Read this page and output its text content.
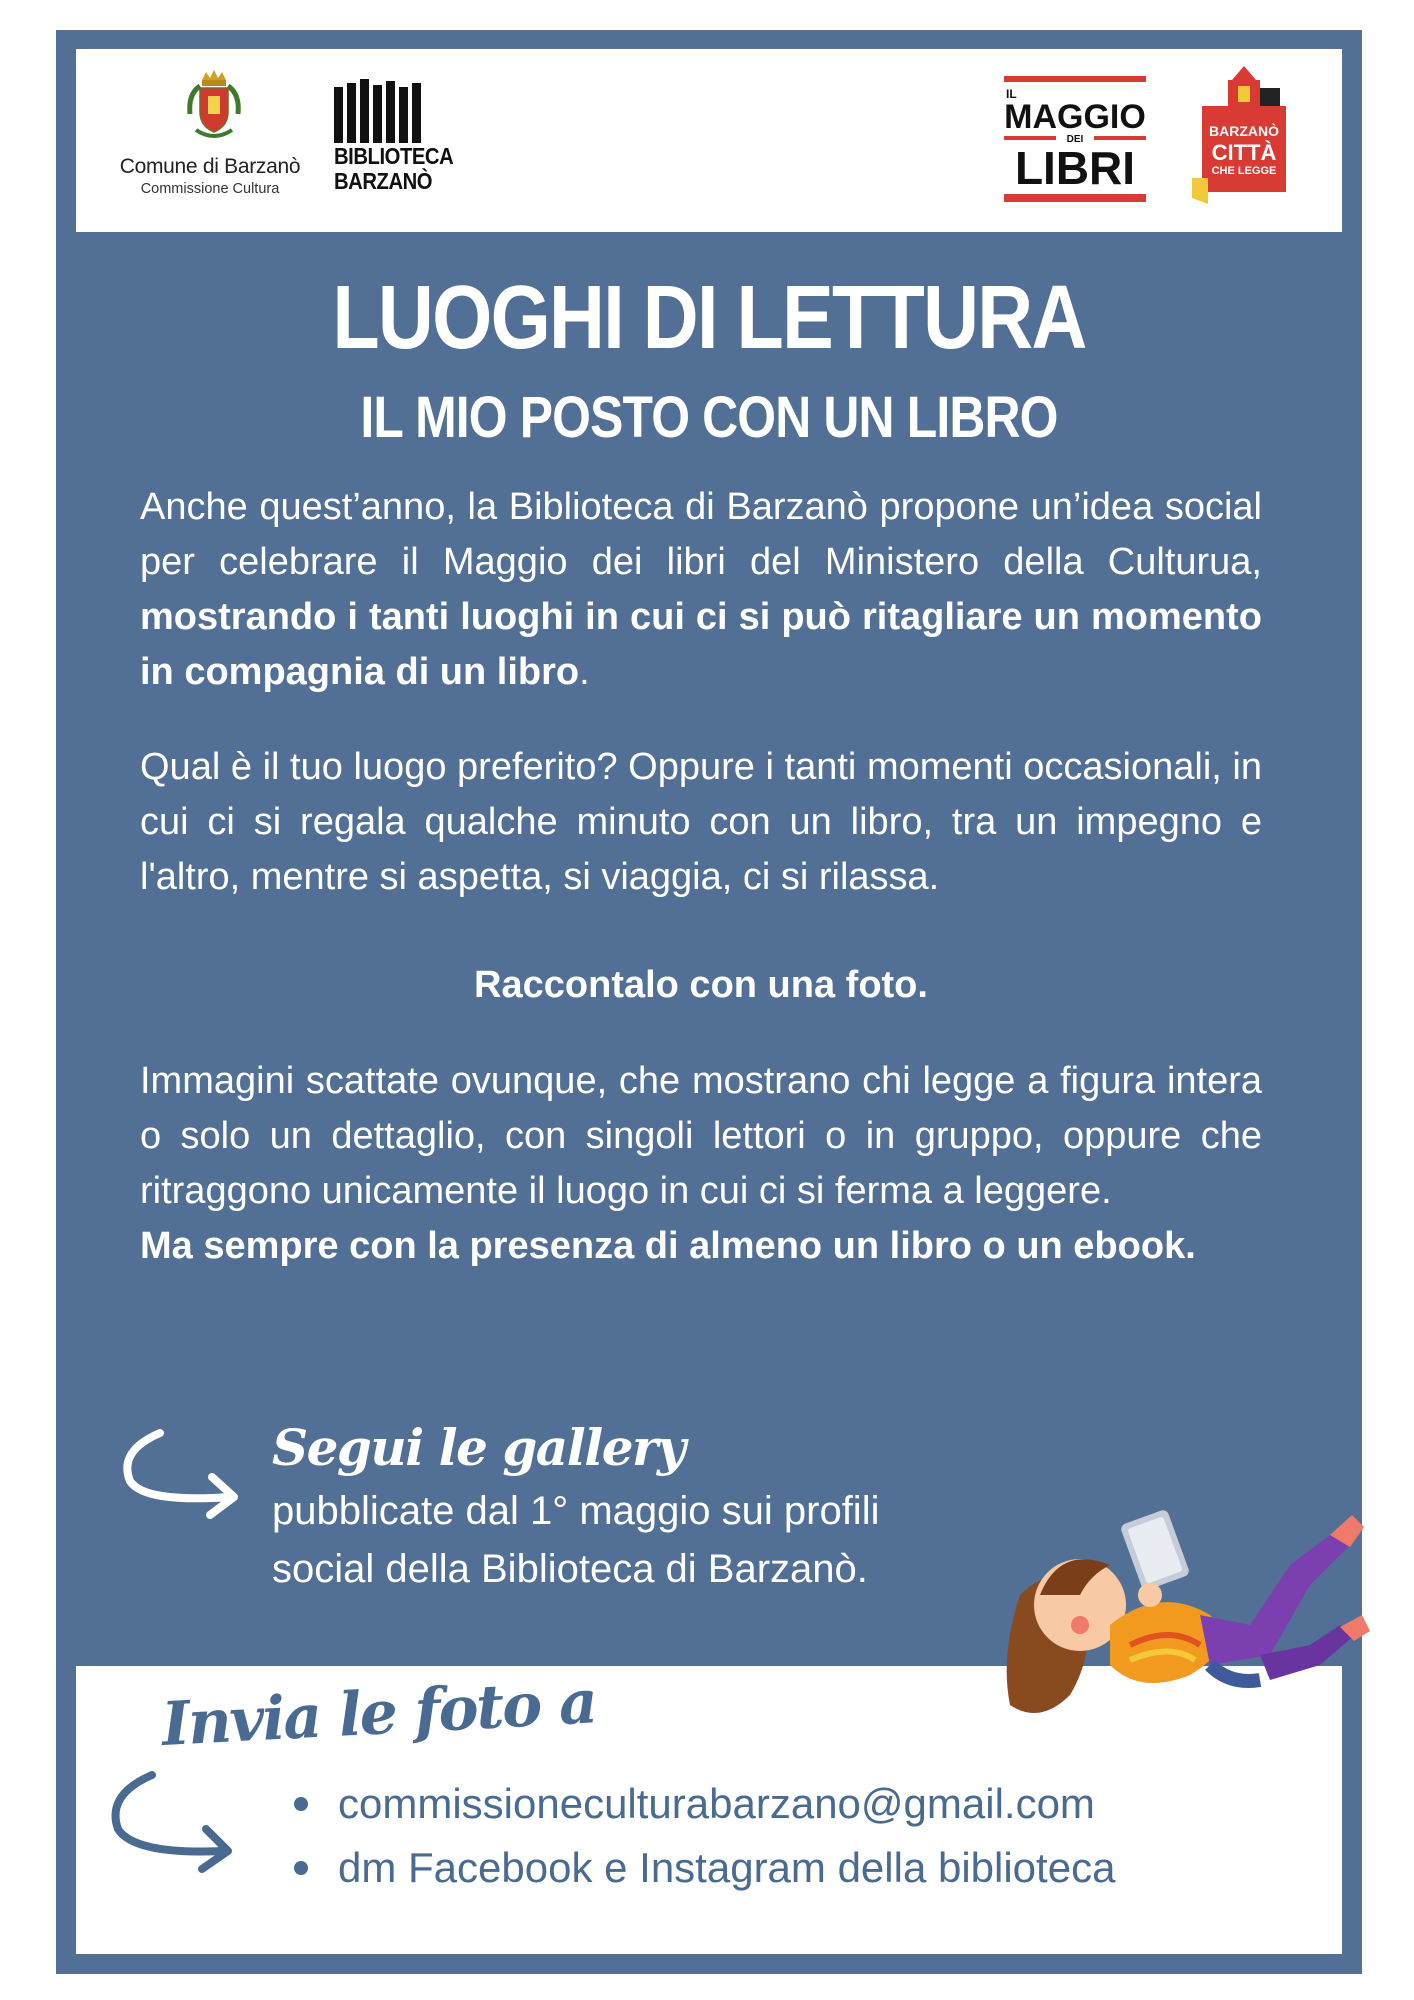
Comune di Barzanò
Commissione Cultura
BIBLIOTECA
BARZANÒ
IL
MAGGIO
DEI
LIBRI
BARZANÒ
CITTÀ
CHE LEGGE
LUOGHI DI LETTURA
IL MIO POSTO CON UN LIBRO

Anche quest’anno, la Biblioteca di Barzanò propone un’idea social per celebrare il Maggio dei libri del Ministero della Culturua, mostrando i tanti luoghi in cui ci si può ritagliare un momento in compagnia di un libro.

Qual è il tuo luogo preferito? Oppure i tanti momenti occasionali, in cui ci si regala qualche minuto con un libro, tra un impegno e l'altro, mentre si aspetta, si viaggia, ci si rilassa.

Raccontalo con una foto.

Immagini scattate ovunque, che mostrano chi legge a figura intera o solo un dettaglio, con singoli lettori o in gruppo, oppure che ritraggono unicamente il luogo in cui ci si ferma a leggere.
Ma sempre con la presenza di almeno un libro o un ebook.

Segui le gallery
pubblicate dal 1° maggio sui profili
social della Biblioteca di Barzanò.
Invia le foto a
commissioneculturabarzano@gmail.com
dm Facebook e Instagram della biblioteca
